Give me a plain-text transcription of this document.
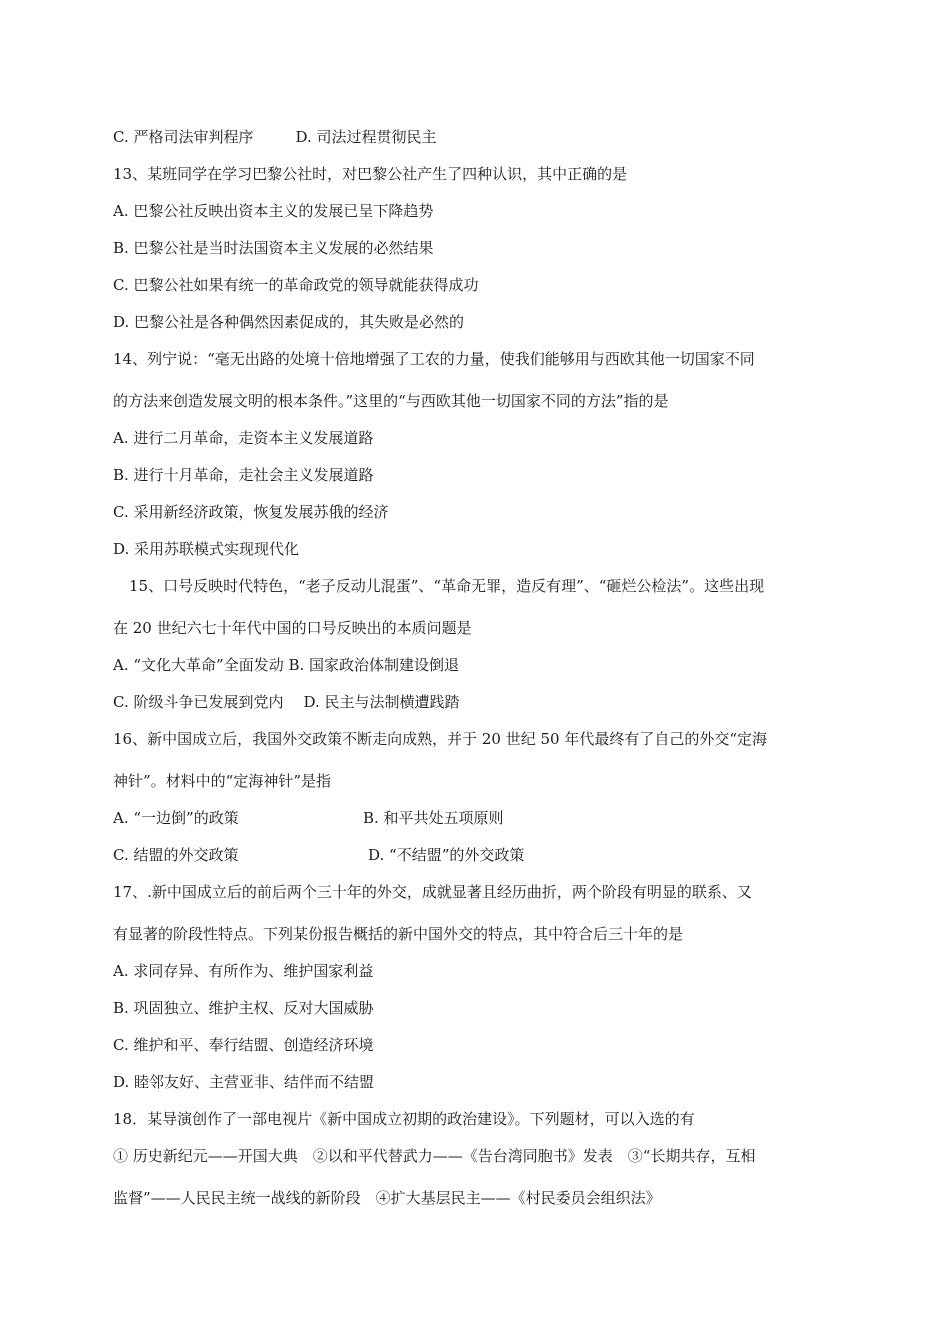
C. 严格司法审判程序	D. 司法过程贯彻民主
13、某班同学在学习巴黎公社时，对巴黎公社产生了四种认识，其中正确的是
A. 巴黎公社反映出资本主义的发展已呈下降趋势
B. 巴黎公社是当时法国资本主义发展的必然结果
C. 巴黎公社如果有统一的革命政党的领导就能获得成功
D. 巴黎公社是各种偶然因素促成的，其失败是必然的
14、列宁说：“毫无出路的处境十倍地增强了工农的力量，使我们能够用与西欧其他一切国家不同
的方法来创造发展文明的根本条件。”这里的“与西欧其他一切国家不同的方法”指的是
A. 进行二月革命，走资本主义发展道路
B. 进行十月革命，走社会主义发展道路
C. 采用新经济政策，恢复发展苏俄的经济
D. 采用苏联模式实现现代化
15、口号反映时代特色，“老子反动儿混蛋”、“革命无罪，造反有理”、“砸烂公检法”。这些出现
在 20 世纪六七十年代中国的口号反映出的本质问题是
A. “文化大革命”全面发动 B. 国家政治体制建设倒退
C. 阶级斗争已发展到党内 D. 民主与法制横遭践踏
16、新中国成立后，我国外交政策不断走向成熟，并于 20 世纪 50 年代最终有了自己的外交“定海
神针”。材料中的“定海神针”是指
A. “一边倒”的政策	B. 和平共处五项原则
C. 结盟的外交政策	D. “不结盟”的外交政策
17、.新中国成立后的前后两个三十年的外交，成就显著且经历曲折，两个阶段有明显的联系、又
有显著的阶段性特点。下列某份报告概括的新中国外交的特点，其中符合后三十年的是
A. 求同存异、有所作为、维护国家利益
B. 巩固独立、维护主权、反对大国威胁
C. 维护和平、奉行结盟、创造经济环境
D. 睦邻友好、主营亚非、结伴而不结盟
18．某导演创作了一部电视片《新中国成立初期的政治建设》。下列题材，可以入选的有
① 历史新纪元——开国大典　②以和平代替武力——《告台湾同胞书》发表　③“长期共存，互相
监督”——人民民主统一战线的新阶段　④扩大基层民主——《村民委员会组织法》
